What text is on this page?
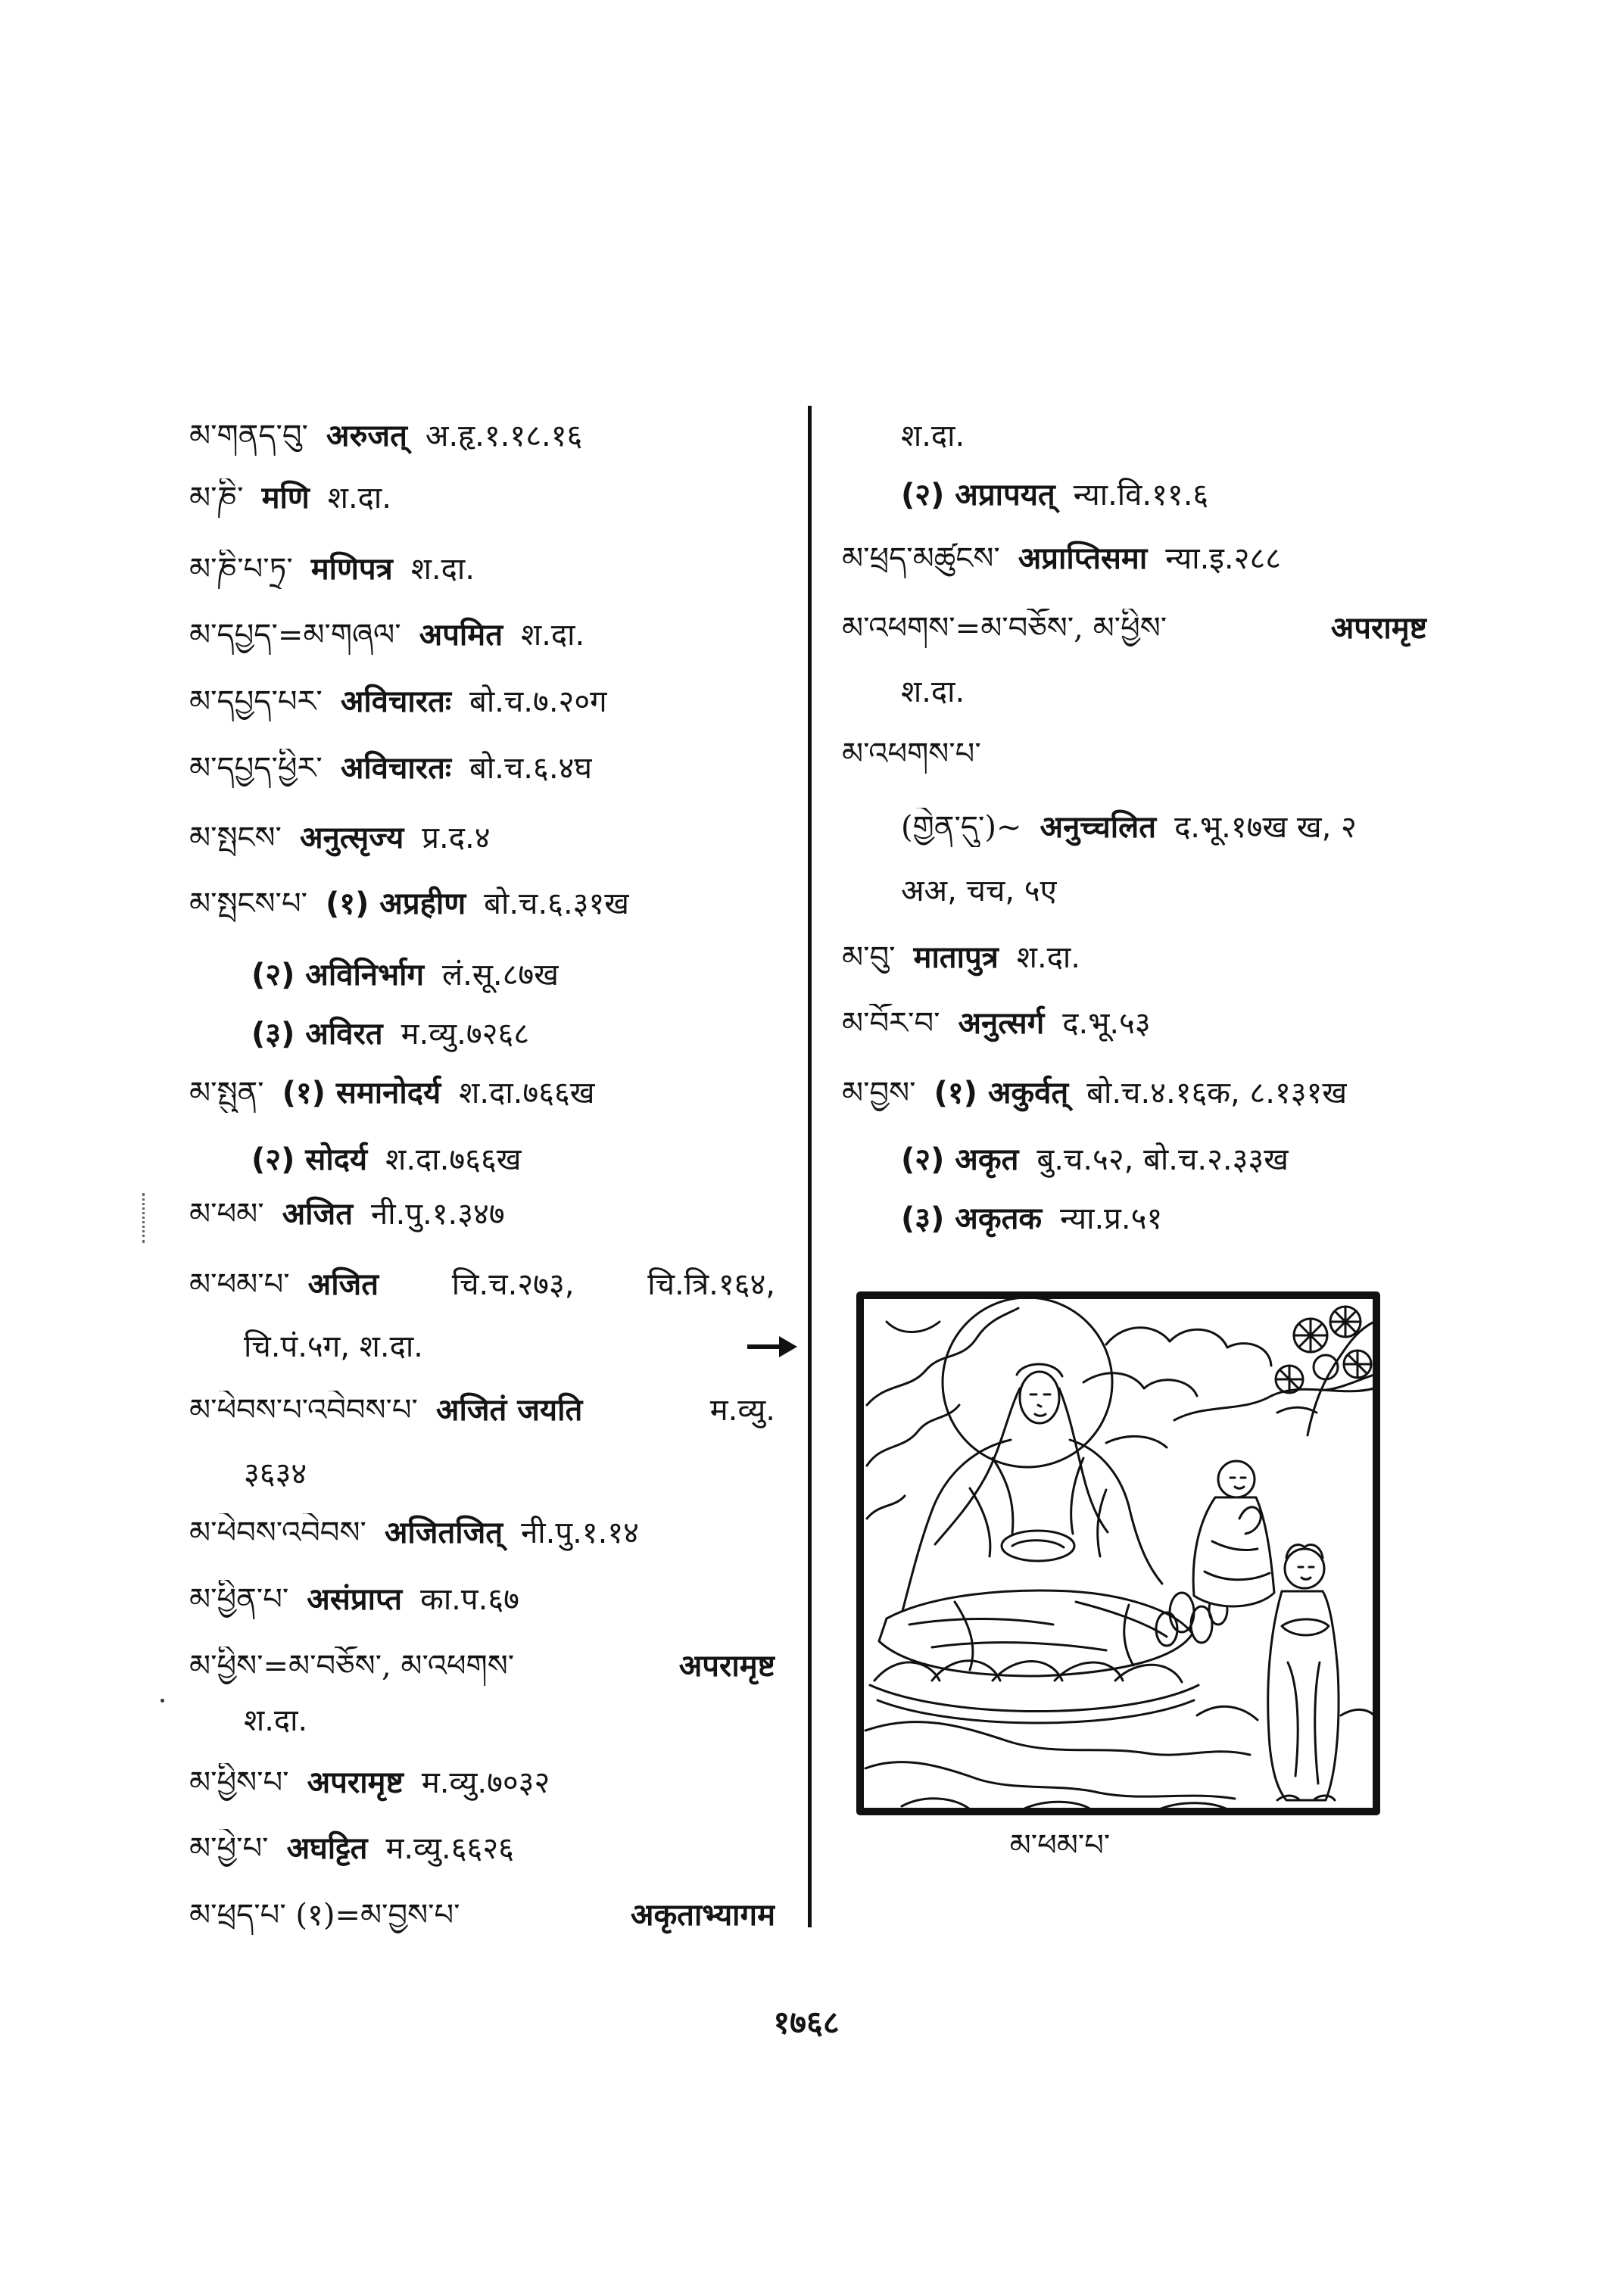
མ་གནད་བུ་ अरुजत् अ.हृ.१.१८.१६
མ་ཎི་ मणि श.दा.
མ་ཎི་པ་ཏྲ་ मणिपत्र श.दा.
མ་དཔྱད་=མ་གཞལ་ अपमित श.दा.
མ་དཔྱད་པར་ अविचारतः बो.च.७.२०ग
མ་དཔྱད་ཕྱིར་ अविचारतः बो.च.६.४घ
མ་སྤངས་ अनुत्सृज्य प्र.द.४
མ་སྤངས་པ་ (१) अप्रहीण बो.च.६.३१ख
(२) अविनिर्भाग लं.सू.८७ख
(३) अविरत म.व्यु.७२६८
མ་སྤུན་ (१) समानोदर्य श.दा.७६६ख
(२) सोदर्य श.दा.७६६ख
མ་ཕམ་ अजित नी.पु.१.३४७
མ་ཕམ་པ་ अजित चि.च.२७३, चि.त्रि.१६४,
चि.पं.५ग, श.दा.
མ་ཕེབས་པ་འབེབས་པ་ अजितं जयति	म.व्यु.
३६३४
མ་ཕེབས་འབེབས་ अजितजित् नी.पु.१.१४
མ་ཕྱིན་པ་ असंप्राप्त का.प.६७
མ་ཕྱིས་=མ་བཅོས་, མ་འཕགས་	अपरामृष्ट
श.दा.
མ་ཕྱིས་པ་ अपरामृष्ट म.व्यु.७०३२
མ་ཕྱེ་པ་ अघट्टित म.व्यु.६६२६
མ་ཕྲད་པ་ (१)=མ་བྱས་པ་	अकृताभ्यागम
श.दा.
(२) अप्रापयत् न्या.वि.११.६
མ་ཕྲད་མཚུངས་ अप्राप्तिसमा न्या.इ.२८८
མ་འཕགས་=མ་བཅོས་, མ་ཕྱིས་	अपरामृष्ट
श.दा.
མ་འཕགས་པ་
(གྱེན་དུ་)~ अनुच्चलित द.भू.१७ख ख, २
अअ, चच, ५ए
མ་བུ་ मातापुत्र श.दा.
མ་བོར་བ་ अनुत्सर्ग द.भू.५३
མ་བྱས་ (१) अकुर्वत् बो.च.४.१६क, ८.१३१ख
(२) अकृत बु.च.५२, बो.च.२.३३ख
(३) अकृतक न्या.प्र.५१
མ་ཕམ་པ་
१७६८
